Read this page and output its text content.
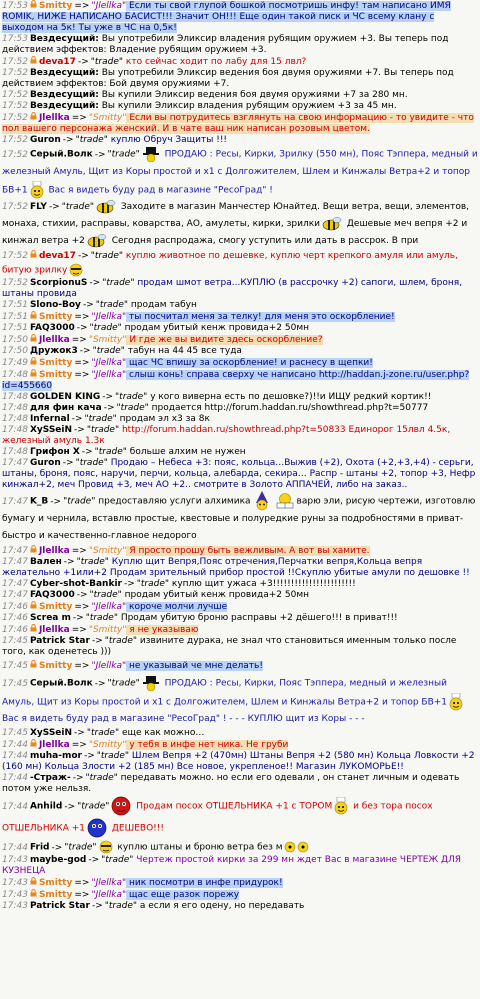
17:53 Smitty => "Jlellka" Если ты свой глупой бошкой посмотришь инфу! там написано ИМЯ ROMIK, НИЖЕ НАПИСАНО БАСИСТ!!! Значит ОН!!! Еще один такой писк и ЧС всему клану с выходом на 5к! Ты уже в ЧС на 0,5к!
17:53 Вездесущий: Вы употребили Эликсир владения рубящим оружием +3. Вы теперь под действием эффектов: Владение рубящим оружием +3.
17:52 deva17 -> "trade" кто сейчас ходит по лабу для 15 лвл?
17:52 Вездесущий: Вы употребили Эликсир ведения боя двумя оружиями +7. Вы теперь под действием эффектов: Бой двумя оружиями +7.
17:52 Вездесущий: Вы купили Эликсир ведения боя двумя оружиями +7 за 280 мн.
17:52 Вездесущий: Вы купили Эликсир владения рубящим оружием +3 за 45 мн.
17:52 Jlellka => "Smitty" Если вы потрудитесь взглянуть на свою информацию - то увидите - что пол вашего персонажа женский. И в чате ваш ник написан розовым цветом.
17:52 Guron -> "trade" куплю Обруч Защиты !!!
17:52 Серый.Волк -> "trade"
ПРОДАЮ : Ресы, Кирки, Зрилку (550 мн), Пояс Тэппера, медный и железный Амуль, Щит из Коры простой и х1 с Долгожителем, Шлем и Кинжалы Ветра+2 и топор БВ+1
Вас я видеть буду рад в магазине "РесоГрад" !
17:52 FLY -> "trade"	Заходите в магазин Манчестер Юнайтед. Вещи ветра, вещи, элементов, монаха, стихии, расправы, коварства, АО, амулеты, кирки, зрилки	Дешевые меч вепря +2 и кинжал ветра +2	Сегодня распродажа, смогу уступить или дать в рассрок. В при
17:52 deva17 -> "trade" куплю животное по дешевке, куплю черт крепкого амуля или амуль, битую зрилку
17:52 ScorpionuS -> "trade" продам шмот ветра...КУПЛЮ (в рассрочку +2) сапоги, шлем, броня, штаны провида
17:51 Slono-Boy -> "trade" продам табун
17:51 Smitty => "Jlellka" ты посчитал меня за телку! для меня это оскорбление!
17:51 FAQ3000 -> "trade" продам убитый кенж провида+2 50мн
17:50 Jlellka => "Smitty" И где же вы видите здесь оскорбление?
17:50 Дружок3 -> "trade" табун на 44 45 все туда
17:49 Smitty => "Jlellka" щас ЧС впишу за оскорбление! и раснесу в щепки!
17:48 Smitty => "Jlellka" слыш конь! справа сверху че написано http://haddan.j-zone.ru/user.php?id=455660
17:48 GOLDEN KING -> "trade" у кого виверна есть по дешовке?)!!и ИЩУ редкий кортик!!
17:48 для фин кача -> "trade" продается http://forum.haddan.ru/showthread.php?t=50777
17:48 Infernal -> "trade" продам эл х3 за 8к
17:48 XySSeiN -> "trade" http://forum.haddan.ru/showthread.php?t=50833 Единорог 15лвл 4.5к, железный амуль 1.3к
17:48 Грифон X -> "trade" больше алхим не нужен
17:47 Guron -> "trade" Продаю – Небеса +3: пояс, кольца…Выжив (+2), Охота (+2,+3,+4) - серьги, штаны, броня, пояс, наручи, перчи, кольца, алебарда, секира… Распр - штаны +2, топор +3, Нефр кинжал+2, меч Провид +3, меч АО +2.. смотрите в Золото АППАЧЕЙ, либо на заказ..
17:47 K_B -> "trade" предоставляю услуги алхимика	варю эли, рисую чертежи, изготовлю бумагу и чернила, вставлю простые, квестовые и полуредкие руны за подробностями в приват-быстро и качественно-главное недорого
17:47 Jlellka => "Smitty" Я просто прошу быть вежливым. А вот вы хамите.
17:47 Вален -> "trade" Куплю щит Вепря,Пояс отречения,Перчатки вепря,Кольца вепря желательно +1или+2 Продам зрительный прибор простой !!Скуплю убитые амули по дешовке !!
17:47 Cyber-shot-Bankir -> "trade" куплю щит ужаса +3!!!!!!!!!!!!!!!!!!!!!!!
17:47 FAQ3000 -> "trade" продам убитый кенж провида+2 50мн
17:46 Smitty => "Jlellka" короче молчи лучше
17:46 Screa m -> "trade" Продам убитую броню расправы +2 дёшего!!! в приват!!!
17:46 Jlellka => "Smitty" я не указываю
17:45 Patrick Star -> "trade" извините дурака, не знал что становиться именным только после того, как оденетесь )))
17:45 Smitty => "Jlellka" не указывай че мне делать!
17:45 Серый.Волк -> "trade"
ПРОДАЮ : Ресы, Кирки, Пояс Тэппера, медный и железный Амуль, Щит из Коры простой и х1 с Долгожителем, Шлем и Кинжалы Ветра+2 и топор БВ+1
Вас я видеть буду рад в магазине "РесоГрад" ! - - - КУПЛЮ щит из Коры - - -
17:45 XySSeiN -> "trade" еще как можно…
17:44 Jlellka => "Smitty" у тебя в инфе нет ника. Не груби
17:44 muha-mor -> "trade" Шлем Вепря +2 (470мн) Штаны Вепря +2 (580 мн) Кольца Ловкости +2 (160 мн) Кольца Злости +2 (185 мн) Все новое, укрепленое!! Магазин ЛУКОМОРЬЕ!!
17:44 -Страж- -> "trade" передавать можно. но если его одевали , он станет личным и одевать потом уже нельзя.
17:44 Anhild -> "trade"	Продам посох ОТШЕЛЬНИКА +1 с ТОРОМ
и без тора посох ОТШЕЛЬНИКА +1	ДЕШЕВО!!!
17:44 Frid -> "trade"
куплю штаны и броню ветра без м
17:43 maybe-god -> "trade" Чертеж простой кирки за 299 мн ждет Вас в магазине ЧЕРТЕЖ ДЛЯ КУЗНЕЦА
17:43 Smitty => "Jlellka" ник посмотри в инфе придурок!
17:43 Smitty => "Jlellka" щас еще разок порежу
17:43 Patrick Star -> "trade" а если я его одену, но передавать
